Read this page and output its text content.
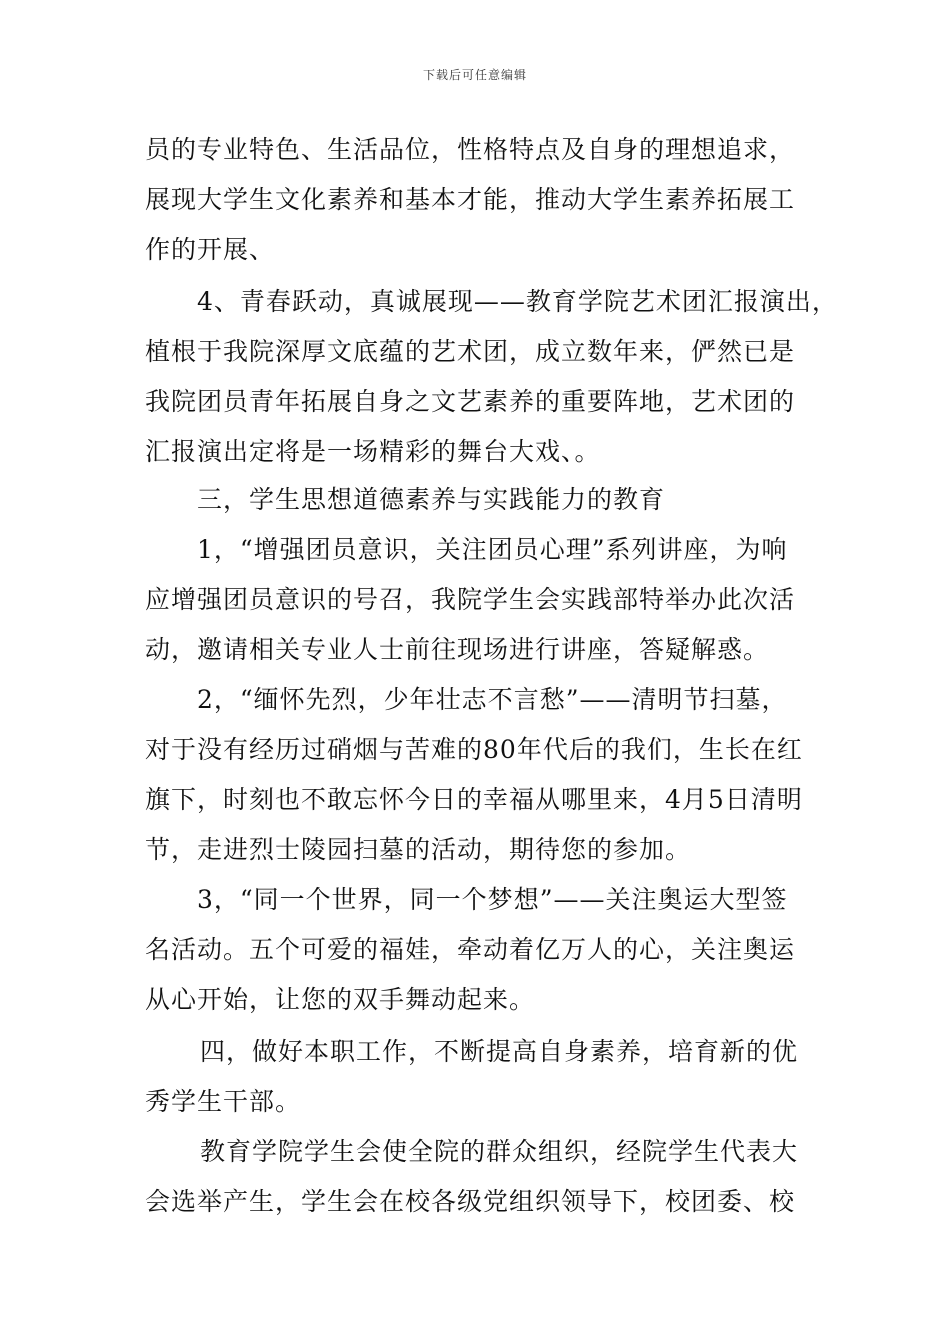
下载后可任意编辑
员的专业特色、生活品位，性格特点及自身的理想追求，
展现大学生文化素养和基本才能，推动大学生素养拓展工
作的开展、
4、青春跃动，真诚展现——教育学院艺术团汇报演出，
植根于我院深厚文底蕴的艺术团，成立数年来，俨然已是
我院团员青年拓展自身之文艺素养的重要阵地，艺术团的
汇报演出定将是一场精彩的舞台大戏、。
三，学生思想道德素养与实践能力的教育
1，“增强团员意识，关注团员心理”系列讲座，为响
应增强团员意识的号召，我院学生会实践部特举办此次活
动，邀请相关专业人士前往现场进行讲座，答疑解惑。
2，“缅怀先烈，少年壮志不言愁”——清明节扫墓，
对于没有经历过硝烟与苦难的80年代后的我们，生长在红
旗下，时刻也不敢忘怀今日的幸福从哪里来，4月5日清明
节，走进烈士陵园扫墓的活动，期待您的参加。
3，“同一个世界，同一个梦想”——关注奥运大型签
名活动。五个可爱的福娃，牵动着亿万人的心，关注奥运
从心开始，让您的双手舞动起来。
四，做好本职工作，不断提高自身素养，培育新的优
秀学生干部。
教育学院学生会使全院的群众组织，经院学生代表大
会选举产生，学生会在校各级党组织领导下，校团委、校
